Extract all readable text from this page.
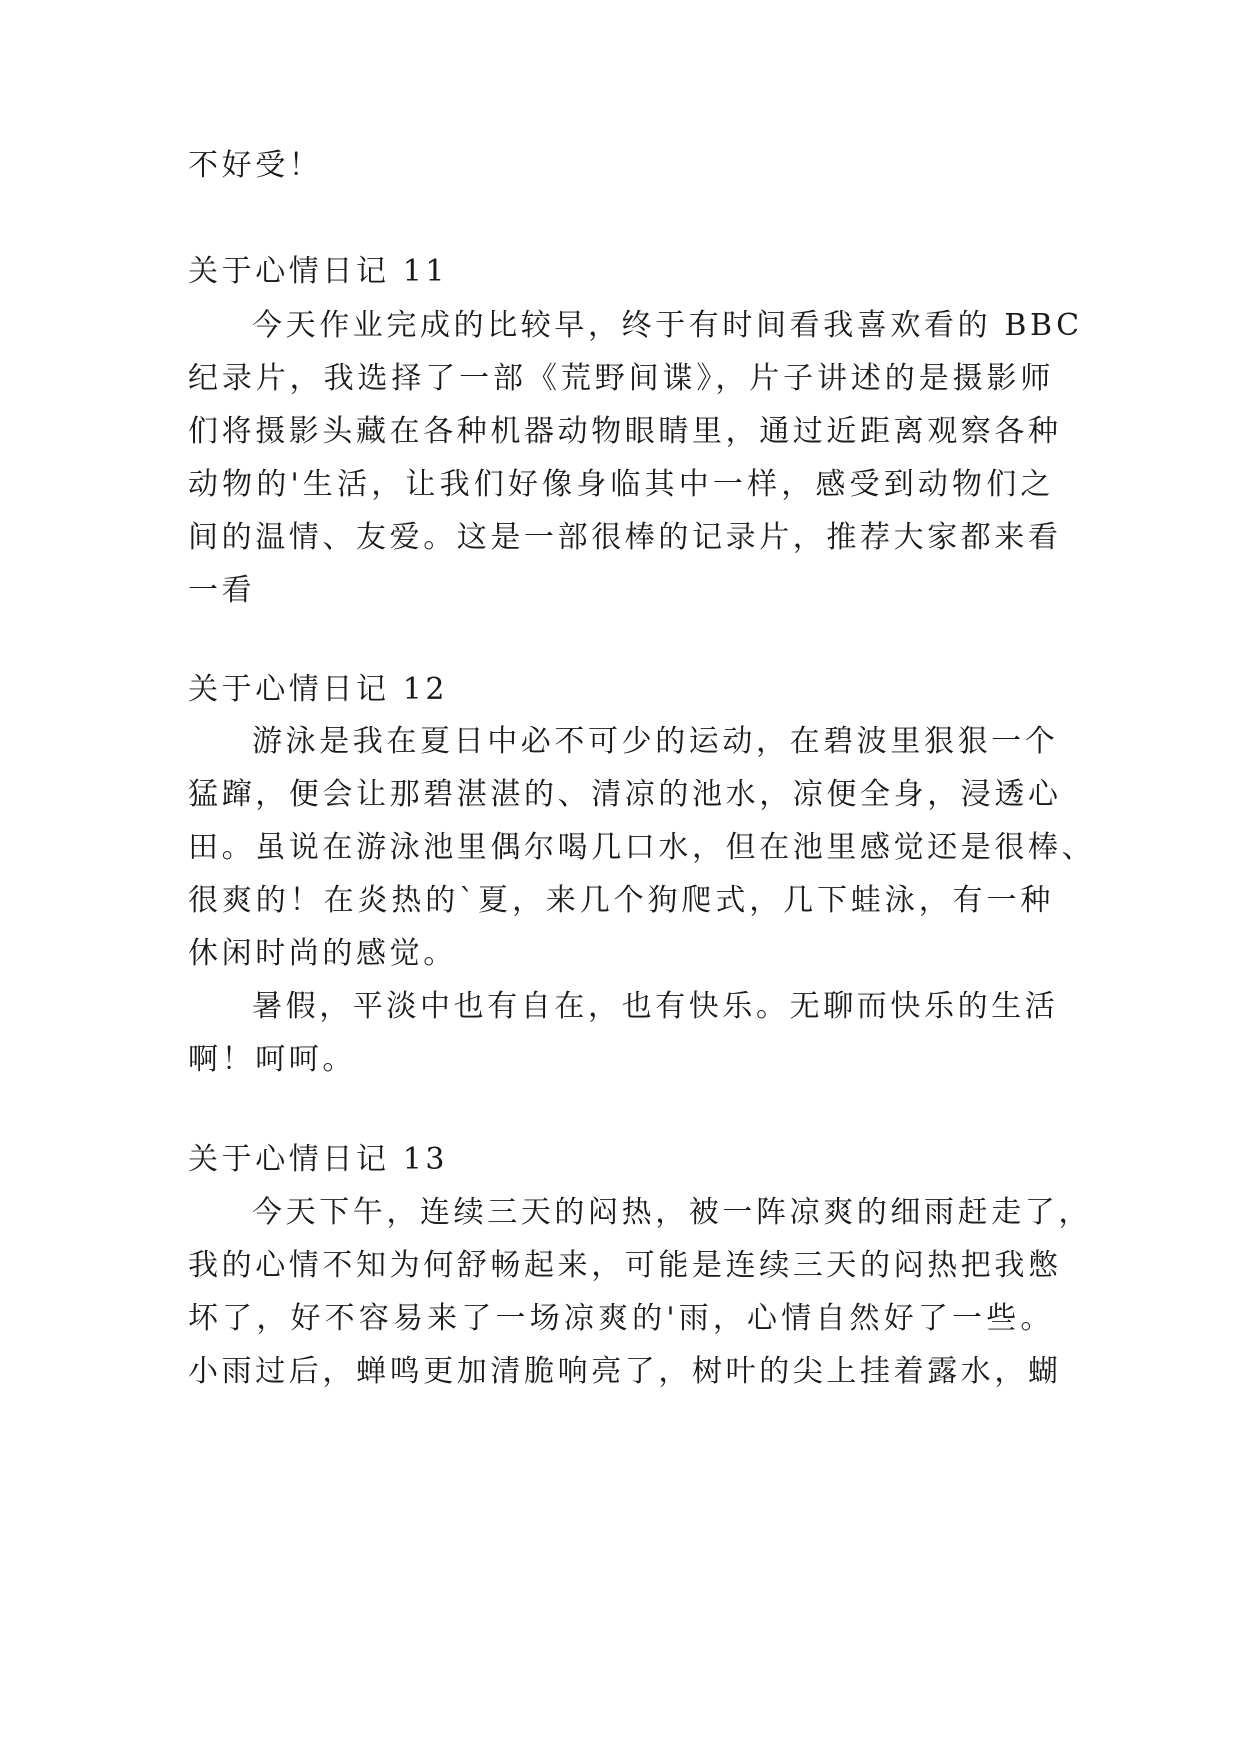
不好受！
关于心情日记 11
今天作业完成的比较早，终于有时间看我喜欢看的 BBC
纪录片，我选择了一部《荒野间谍》，片子讲述的是摄影师
们将摄影头藏在各种机器动物眼睛里，通过近距离观察各种
动物的'生活，让我们好像身临其中一样，感受到动物们之
间的温情、友爱。这是一部很棒的记录片，推荐大家都来看
一看
关于心情日记 12
游泳是我在夏日中必不可少的运动，在碧波里狠狠一个
猛蹿，便会让那碧湛湛的、清凉的池水，凉便全身，浸透心
田。虽说在游泳池里偶尔喝几口水，但在池里感觉还是很棒、
很爽的！在炎热的`夏，来几个狗爬式，几下蛙泳，有一种
休闲时尚的感觉。
暑假，平淡中也有自在，也有快乐。无聊而快乐的生活
啊！呵呵。
关于心情日记 13
今天下午，连续三天的闷热，被一阵凉爽的细雨赶走了，
我的心情不知为何舒畅起来，可能是连续三天的闷热把我憋
坏了，好不容易来了一场凉爽的'雨，心情自然好了一些。
小雨过后，蝉鸣更加清脆响亮了，树叶的尖上挂着露水，蝴
